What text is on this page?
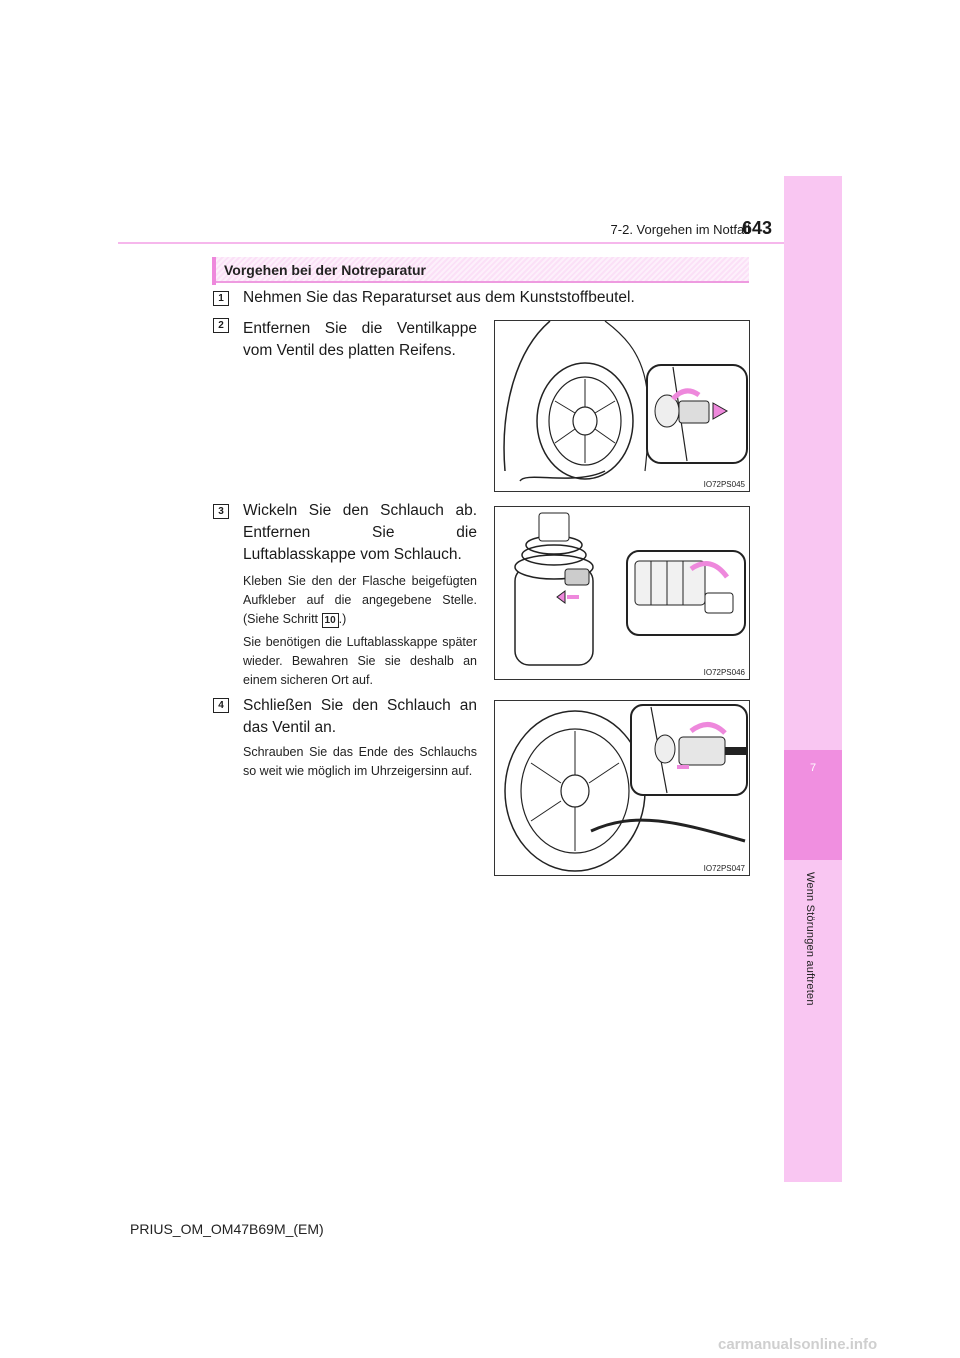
7
Wenn Störungen auftreten
7-2. Vorgehen im Notfall
643
Vorgehen bei der Notreparatur
1	Nehmen Sie das Reparaturset aus dem Kunststoffbeutel.
2	Entfernen Sie die Ventilkappe vom Ventil des platten Reifens.
IO72PS045
3	Wickeln Sie den Schlauch ab. Entfernen Sie die Luftablasskappe vom Schlauch.
Kleben Sie den der Flasche beigefügten Aufkleber auf die angegebene Stelle. (Siehe Schritt 10 .)
Sie benötigen die Luftablasskappe später wieder. Bewahren Sie sie deshalb an einem sicheren Ort auf.
IO72PS046
4	Schließen Sie den Schlauch an das Ventil an.
Schrauben Sie das Ende des Schlauchs so weit wie möglich im Uhrzeigersinn auf.
IO72PS047
PRIUS_OM_OM47B69M_(EM)
carmanualsonline.info
